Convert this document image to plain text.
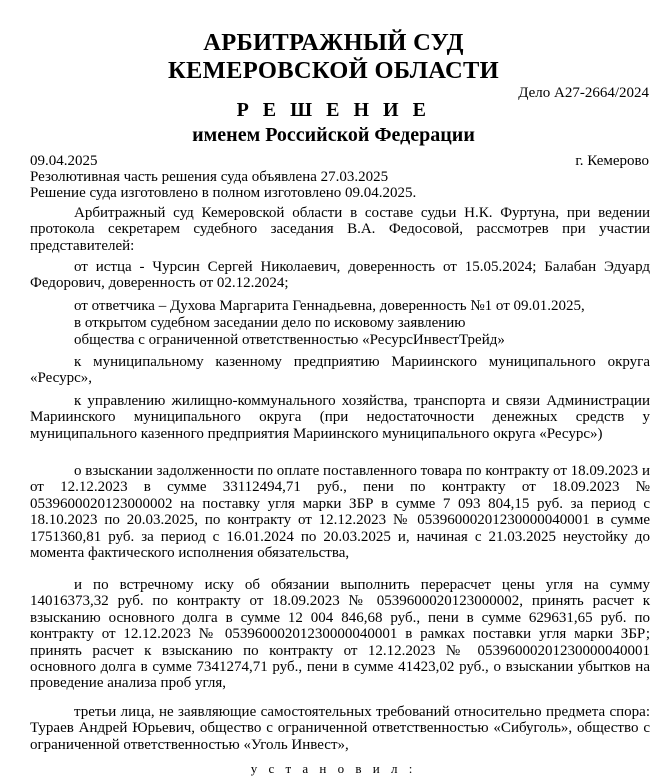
АРБИТРАЖНЫЙ СУД
КЕМЕРОВСКОЙ ОБЛАСТИ
Дело А27-2664/2024
Р Е Ш Е Н И Е
именем Российской Федерации
09.04.2025	г. Кемерово
Резолютивная часть решения суда объявлена 27.03.2025
Решение суда изготовлено в полном изготовлено 09.04.2025.
Арбитражный суд Кемеровской области в составе судьи Н.К. Фуртуна, при ведении протокола секретарем судебного заседания В.А. Федосовой, рассмотрев при участии представителей:
от истца - Чурсин Сергей Николаевич, доверенность от 15.05.2024; Балабан Эдуард Федорович, доверенность от 02.12.2024;
от ответчика – Духова Маргарита Геннадьевна, доверенность №1 от 09.01.2025,
в открытом судебном заседании дело по исковому заявлению
общества с ограниченной ответственностью «РесурсИнвестТрейд»
к муниципальному казенному предприятию Мариинского муниципального округа «Ресурс»,
к управлению жилищно-коммунального хозяйства, транспорта и связи Администрации Мариинского муниципального округа (при недостаточности денежных средств у муниципального казенного предприятия Мариинского муниципального округа «Ресурс»)
о взыскании задолженности по оплате поставленного товара по контракту от 18.09.2023 и от 12.12.2023 в сумме 33112494,71 руб., пени по контракту от 18.09.2023 № 0539600020123000002 на поставку угля марки ЗБР в сумме 7 093 804,15 руб. за период с 18.10.2023 по 20.03.2025, по контракту от 12.12.2023 № 05396000201230000040001 в сумме 1751360,81 руб. за период с 16.01.2024 по 20.03.2025 и, начиная с 21.03.2025 неустойку до момента фактического исполнения обязательства,
и по встречному иску об обязании выполнить перерасчет цены угля на сумму 14016373,32 руб. по контракту от 18.09.2023 № 0539600020123000002, принять расчет к взысканию основного долга в сумме 12 004 846,68 руб., пени в сумме 629631,65 руб. по контракту от 12.12.2023 № 05396000201230000040001 в рамках поставки угля марки ЗБР; принять расчет к взысканию по контракту от 12.12.2023 № 05396000201230000040001 основного долга в сумме 7341274,71 руб., пени в сумме 41423,02 руб., о взыскании убытков на проведение анализа проб угля,
третьи лица, не заявляющие самостоятельных требований относительно предмета спора: Тураев Андрей Юрьевич, общество с ограниченной ответственностью «Сибуголь», общество с ограниченной ответственностью «Уголь Инвест»,
у с т а н о в и л :
